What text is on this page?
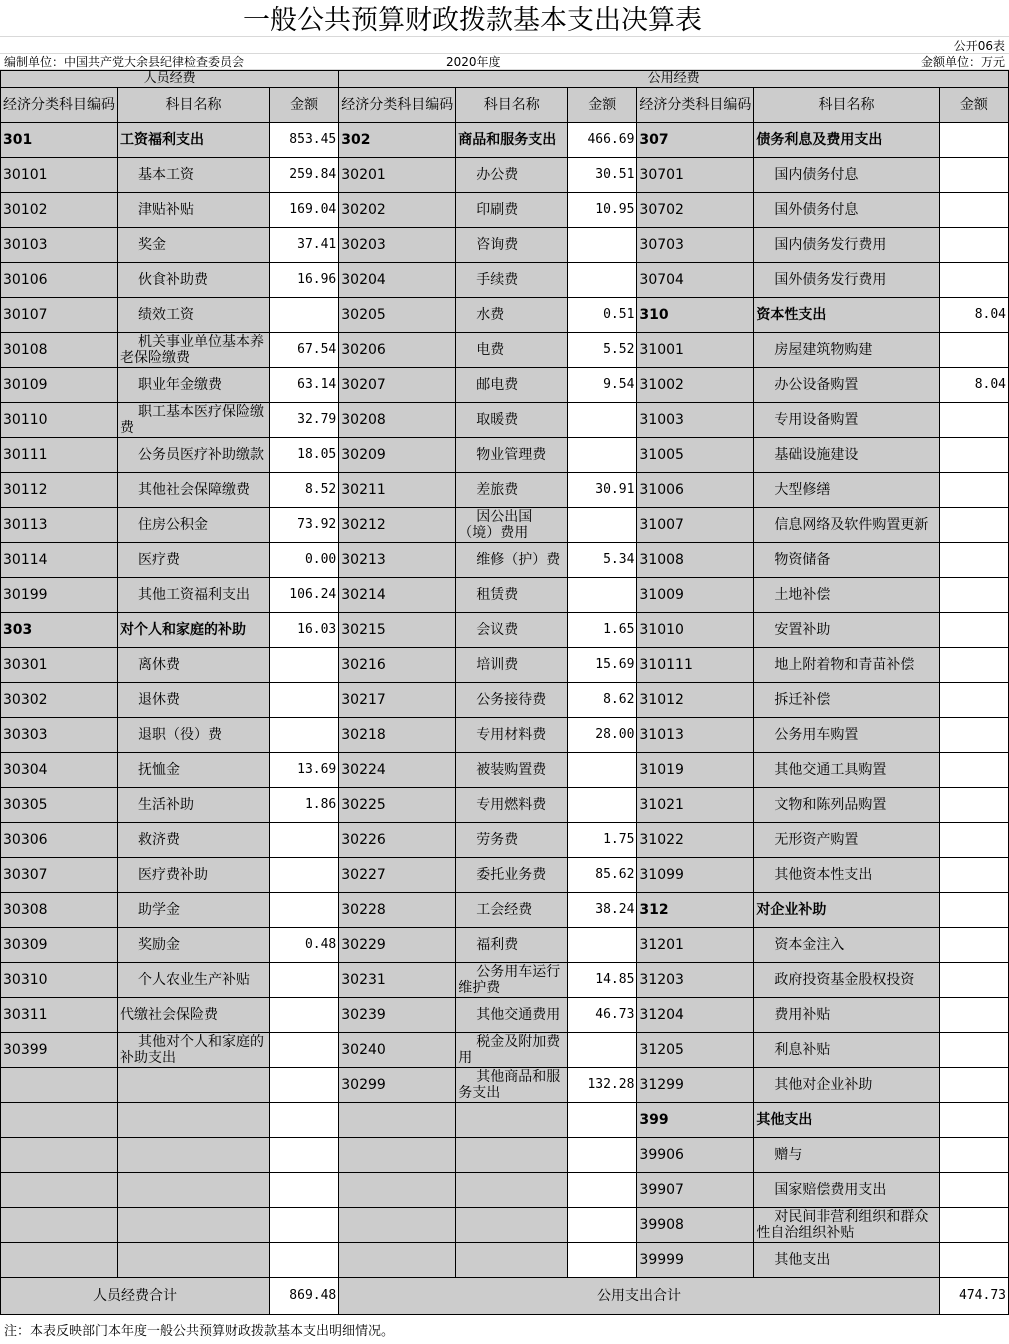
一般公共预算财政拨款基本支出决算表
公开06表
编制单位：中国共产党大余县纪律检查委员会	2020年度	金额单位：万元
人员经费			公用经费					
经济分类科目编码	科目名称	金额	经济分类科目编码	科目名称	金额	经济分类科目编码	科目名称	金额
301	工资福利支出	853.45	302	商品和服务支出	466.69	307	债务利息及费用支出	
30101	基本工资	259.84	30201	办公费	30.51	30701	国内债务付息	
30102	津贴补贴	169.04	30202	印刷费	10.95	30702	国外债务付息	
30103	奖金	37.41	30203	咨询费		30703	国内债务发行费用	
30106	伙食补助费	16.96	30204	手续费		30704	国外债务发行费用	
30107	绩效工资		30205	水费	0.51	310	资本性支出	8.04
30108	机关事业单位基本养老保险缴费	67.54	30206	电费	5.52	31001	房屋建筑物购建	
30109	职业年金缴费	63.14	30207	邮电费	9.54	31002	办公设备购置	8.04
30110	职工基本医疗保险缴费	32.79	30208	取暖费		31003	专用设备购置	
30111	公务员医疗补助缴款	18.05	30209	物业管理费		31005	基础设施建设	
30112	其他社会保障缴费	8.52	30211	差旅费	30.91	31006	大型修缮	
30113	住房公积金	73.92	30212	因公出国（境）费用		31007	信息网络及软件购置更新	
30114	医疗费	0.00	30213	维修（护）费	5.34	31008	物资储备	
30199	其他工资福利支出	106.24	30214	租赁费		31009	土地补偿	
303	对个人和家庭的补助	16.03	30215	会议费	1.65	31010	安置补助	
30301	离休费		30216	培训费	15.69	310111	地上附着物和青苗补偿	
30302	退休费		30217	公务接待费	8.62	31012	拆迁补偿	
30303	退职（役）费		30218	专用材料费	28.00	31013	公务用车购置	
30304	抚恤金	13.69	30224	被装购置费		31019	其他交通工具购置	
30305	生活补助	1.86	30225	专用燃料费		31021	文物和陈列品购置	
30306	救济费		30226	劳务费	1.75	31022	无形资产购置	
30307	医疗费补助		30227	委托业务费	85.62	31099	其他资本性支出	
30308	助学金		30228	工会经费	38.24	312	对企业补助	
30309	奖励金	0.48	30229	福利费		31201	资本金注入	
30310	个人农业生产补贴		30231	公务用车运行维护费	14.85	31203	政府投资基金股权投资	
30311	代缴社会保险费		30239	其他交通费用	46.73	31204	费用补贴	
30399	其他对个人和家庭的补助支出		30240	税金及附加费用		31205	利息补贴	
			30299	其他商品和服务支出	132.28	31299	其他对企业补助	
						399	其他支出	
						39906	赠与	
						39907	国家赔偿费用支出	
						39908	对民间非营利组织和群众性自治组织补贴	

						39999	其他支出	
人员经费合计		869.48	公用支出合计					474.73
注：本表反映部门本年度一般公共预算财政拨款基本支出明细情况。
